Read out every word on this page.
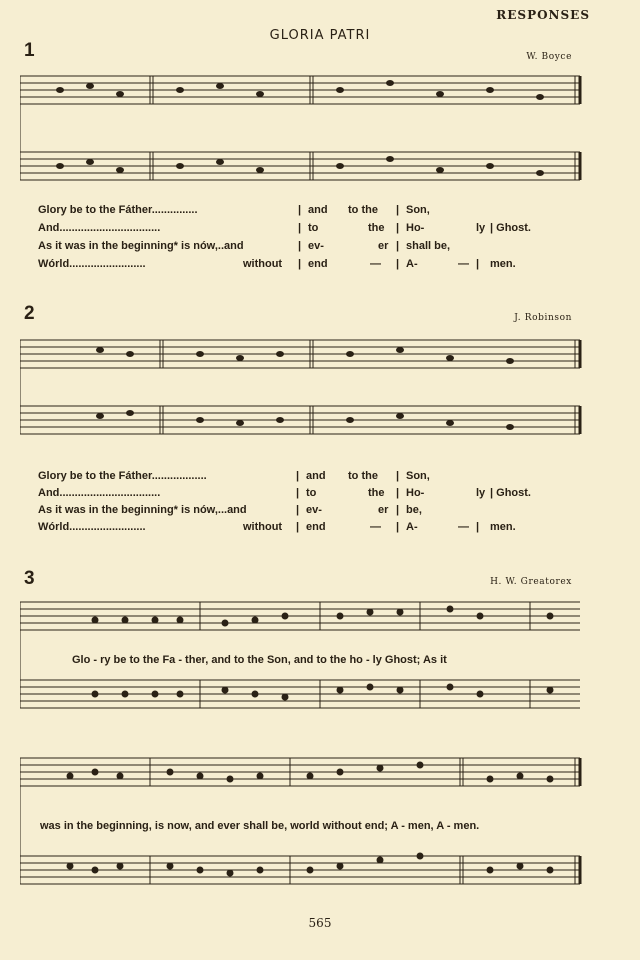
RESPONSES
GLORIA PATRI
1	W. Boyce
Glory be to the Fáther...............	| and to the | Son,
And.................................	| to	the | Ho-	ly | Ghost.
As it was in the beginning* is nów,..and	| ev-	er | shall be,
Wórld.........................	without | end	— | A-	— | men.
2	J. Robinson
Glory be to the Fáther..................	| and to the | Son,
And.................................	| to	the | Ho-	ly | Ghost.
As it was in the beginning* is nów,...and	| ev-	er | be,
Wórld.........................	without | end	— | A-	— | men.
3	H. W. Greatorex
Glo - ry be to the Fa - ther, and to the Son, and to the ho - ly Ghost; As it
was in the beginning, is now, and ever shall be, world without end; A - men, A - men.
565
